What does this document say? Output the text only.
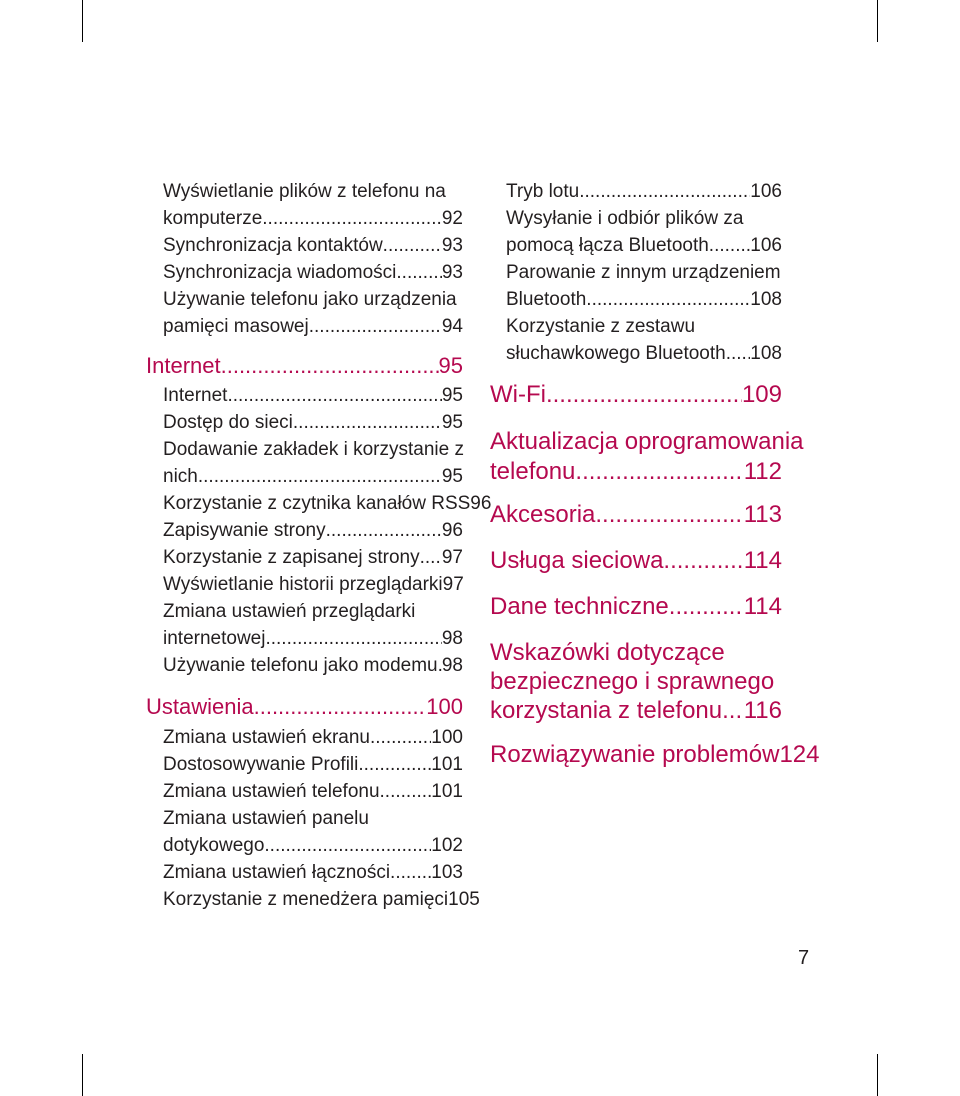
Wyświetlanie plików z telefonu na
komputerze .....	92
Synchronizacja kontaktów .....	93
Synchronizacja wiadomości ..... 93
Używanie telefonu jako urządzenia
pamięci masowej .....	94
Internet .....	95
Internet .....	95
Dostęp do sieci .....	95
Dodawanie zakładek i korzystanie z
nich .....	95
Korzystanie z czytnika kanałów RSS 96
Zapisywanie strony .....	96
Korzystanie z zapisanej strony ..... 97
Wyświetlanie historii przeglądarki 97
Zmiana ustawień przeglądarki
internetowej .....	98
Używanie telefonu jako modemu ..... 98
Ustawienia .....	100
Zmiana ustawień ekranu .....	100
Dostosowywanie Profili .....	101
Zmiana ustawień telefonu .....	101
Zmiana ustawień panelu
dotykowego .....	102
Zmiana ustawień łączności ..... 103
Korzystanie z menedżera pamięci 105
Tryb lotu .....	106
Wysyłanie i odbiór plików za
pomocą łącza Bluetooth ..... 106
Parowanie z innym urządzeniem
Bluetooth .....	108
Korzystanie z zestawu
słuchawkowego Bluetooth ..... 108
Wi-Fi .....	109
Aktualizacja oprogramowania
telefonu .....	112
Akcesoria .....	113
Usługa sieciowa .....	114
Dane techniczne .....	114
Wskazówki dotyczące
bezpiecznego i sprawnego
korzystania z telefonu ..... 116
Rozwiązywanie problemów 124
7
